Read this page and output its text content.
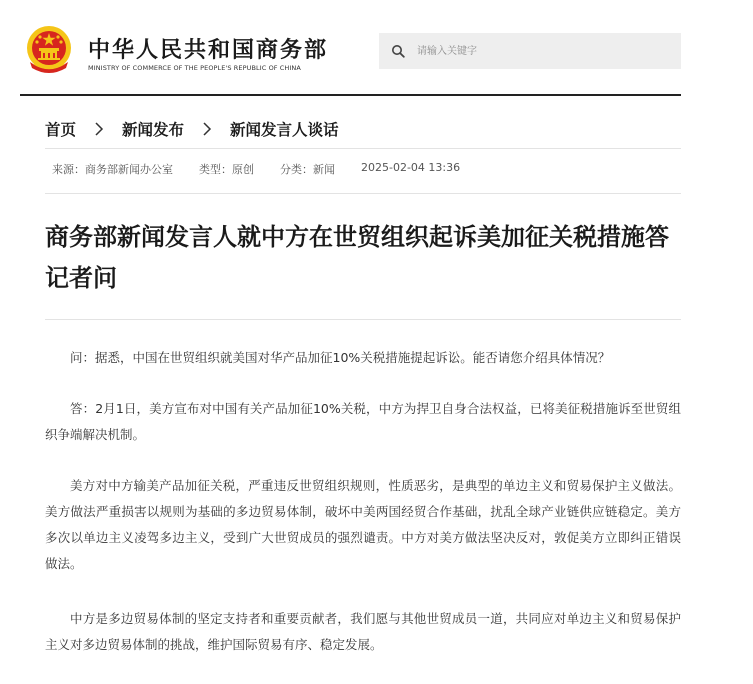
中华人民共和国商务部
MINISTRY OF COMMERCE OF THE PEOPLE'S REPUBLIC OF CHINA
请输入关键字
首页	新闻发布	新闻发言人谈话
来源：商务部新闻办公室 类型：原创 分类：新闻 2025-02-04 13:36
商务部新闻发言人就中方在世贸组织起诉美加征关税措施答记者问

问：据悉，中国在世贸组织就美国对华产品加征10%关税措施提起诉讼。能否请您介绍具体情况？

答：2月1日，美方宣布对中国有关产品加征10%关税，中方为捍卫自身合法权益，已将美征税措施诉至世贸组织争端解决机制。

美方对中方输美产品加征关税，严重违反世贸组织规则，性质恶劣，是典型的单边主义和贸易保护主义做法。美方做法严重损害以规则为基础的多边贸易体制，破坏中美两国经贸合作基础，扰乱全球产业链供应链稳定。美方多次以单边主义凌驾多边主义，受到广大世贸成员的强烈谴责。中方对美方做法坚决反对，敦促美方立即纠正错误做法。

中方是多边贸易体制的坚定支持者和重要贡献者，我们愿与其他世贸成员一道，共同应对单边主义和贸易保护主义对多边贸易体制的挑战，维护国际贸易有序、稳定发展。
